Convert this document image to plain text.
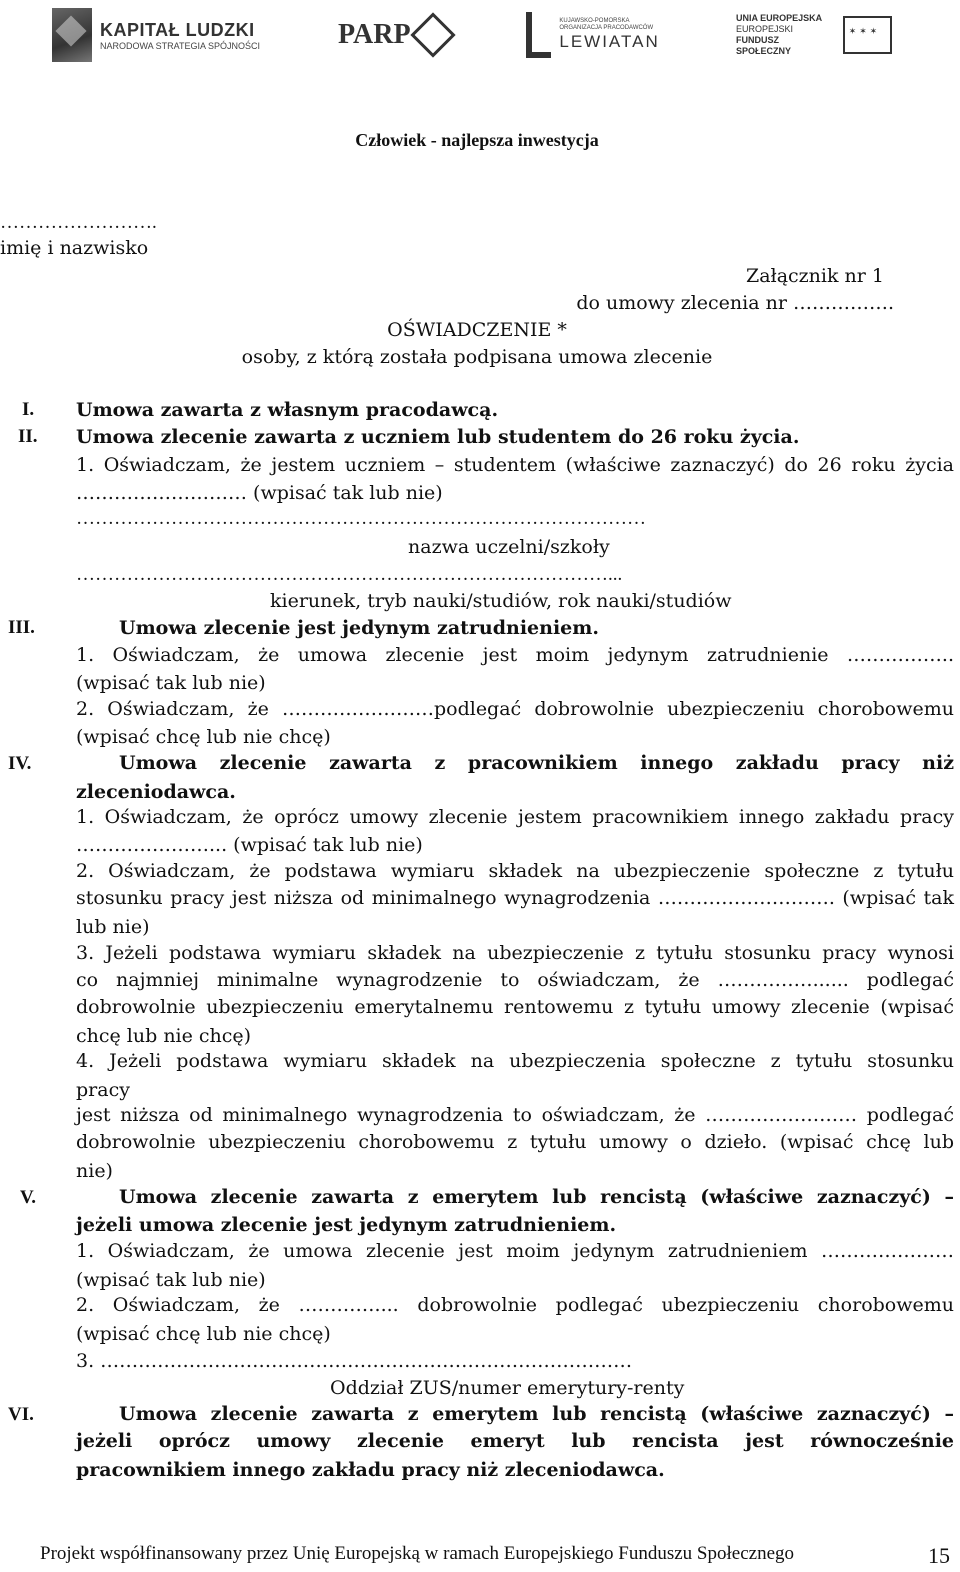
KAPITAŁ LUDZKI
NARODOWA STRATEGIA SPÓJNOŚCI	PARP	KUJAWSKO-POMORSKA ORGANIZACJA PRACODAWCÓW
LEWIATAN
UNIA EUROPEJSKA
EUROPEJSKI
FUNDUSZ SPOŁECZNY
✶ ✶ ✶
Człowiek - najlepsza inwestycja
…………………….
imię i nazwisko
Załącznik nr 1
do umowy zlecenia nr …………….
OŚWIADCZENIE *
osoby, z którą została podpisana umowa zlecenie
I. Umowa zawarta z własnym pracodawcą.
II. Umowa zlecenie zawarta z uczniem lub studentem do 26 roku życia.
1. Oświadczam, że jestem uczniem – studentem (właściwe zaznaczyć) do 26 roku życia
……………………… (wpisać tak lub nie)
………………………………………………………………………………
nazwa uczelni/szkoły
…………………………………………………………………………...
kierunek, tryb nauki/studiów, rok nauki/studiów
III.	Umowa zlecenie jest jedynym zatrudnieniem.
1. Oświadczam, że umowa zlecenie jest moim jedynym zatrudnienie ……………..
(wpisać tak lub nie)
2. Oświadczam, że ……………………podlegać dobrowolnie ubezpieczeniu chorobowemu
(wpisać chcę lub nie chcę)
IV.	Umowa zlecenie zawarta z pracownikiem innego zakładu pracy niż
zleceniodawca.
1. Oświadczam, że oprócz umowy zlecenie jestem pracownikiem innego zakładu pracy
…………………... (wpisać tak lub nie)
2. Oświadczam, że podstawa wymiaru składek na ubezpieczenie społeczne z tytułu
stosunku pracy jest niższa od minimalnego wynagrodzenia ………………………. (wpisać tak
lub nie)
3. Jeżeli podstawa wymiaru składek na ubezpieczenie z tytułu stosunku pracy wynosi
co najmniej minimalne wynagrodzenie to oświadczam, że ……………...... podlegać
dobrowolnie ubezpieczeniu emerytalnemu rentowemu z tytułu umowy zlecenie (wpisać
chcę lub nie chcę)
4. Jeżeli podstawa wymiaru składek na ubezpieczenia społeczne z tytułu stosunku
pracy
jest niższa od minimalnego wynagrodzenia to oświadczam, że …………………… podlegać
dobrowolnie ubezpieczeniu chorobowemu z tytułu umowy o dzieło. (wpisać chcę lub
nie)
V.	Umowa zlecenie zawarta z emerytem lub rencistą (właściwe zaznaczyć) –
jeżeli umowa zlecenie jest jedynym zatrudnieniem.
1. Oświadczam, że umowa zlecenie jest moim jedynym zatrudnieniem …………………
(wpisać tak lub nie)
2. Oświadczam, że ………….... dobrowolnie podlegać ubezpieczeniu chorobowemu
(wpisać chcę lub nie chcę)
3. …………………………………………………………………………
Oddział ZUS/numer emerytury-renty
VI.	Umowa zlecenie zawarta z emerytem lub rencistą (właściwe zaznaczyć) –
jeżeli oprócz umowy zlecenie emeryt lub rencista jest równocześnie
pracownikiem innego zakładu pracy niż zleceniodawca.
Projekt współfinansowany przez Unię Europejską w ramach Europejskiego Funduszu Społecznego	15
